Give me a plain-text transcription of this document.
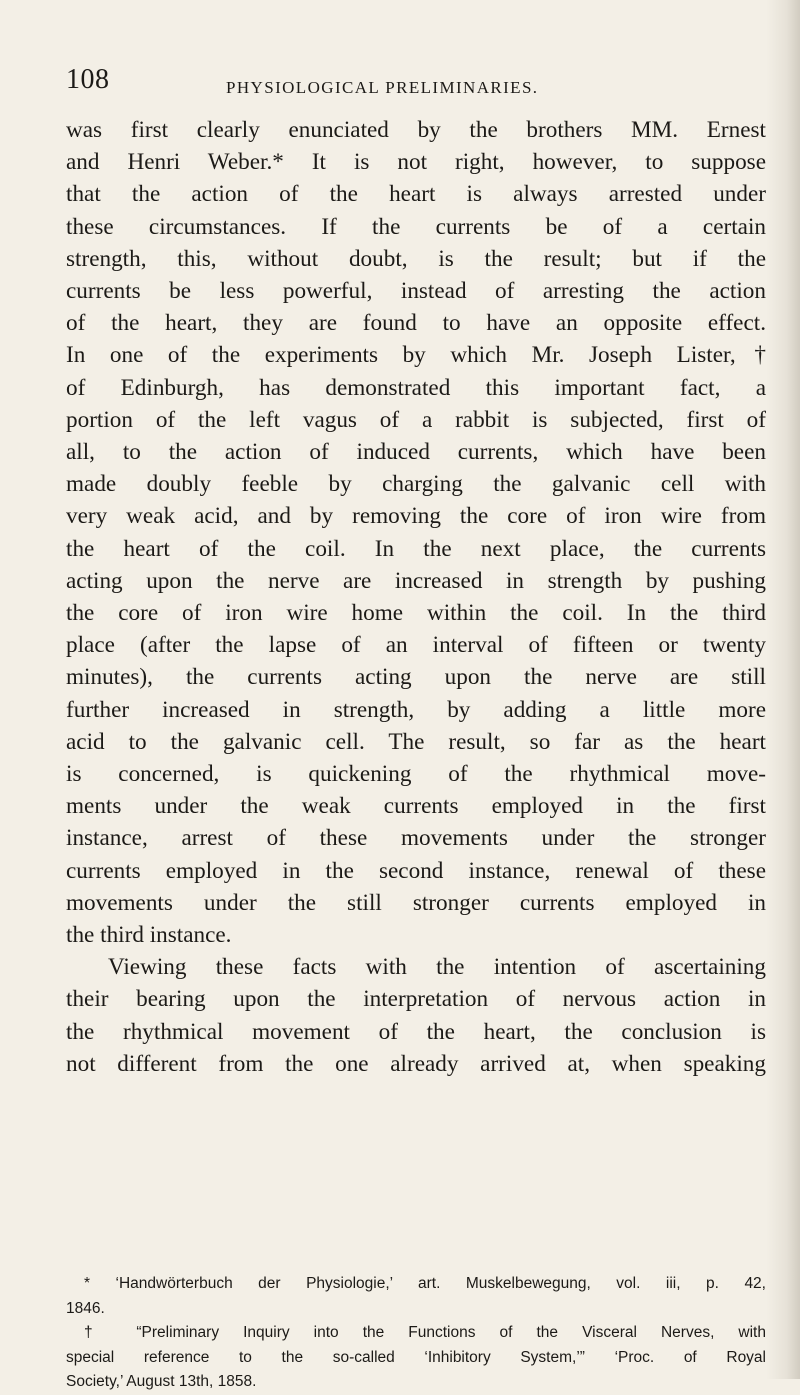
108	PHYSIOLOGICAL PRELIMINARIES.
was first clearly enunciated by the brothers MM. Ernest
and Henri Weber.* It is not right, however, to suppose
that the action of the heart is always arrested under
these circumstances. If the currents be of a certain
strength, this, without doubt, is the result; but if the
currents be less powerful, instead of arresting the action
of the heart, they are found to have an opposite effect.
In one of the experiments by which Mr. Joseph Lister,†
of Edinburgh, has demonstrated this important fact, a
portion of the left vagus of a rabbit is subjected, first of
all, to the action of induced currents, which have been
made doubly feeble by charging the galvanic cell with
very weak acid, and by removing the core of iron wire from
the heart of the coil. In the next place, the currents
acting upon the nerve are increased in strength by pushing
the core of iron wire home within the coil. In the third
place (after the lapse of an interval of fifteen or twenty
minutes), the currents acting upon the nerve are still
further increased in strength, by adding a little more
acid to the galvanic cell. The result, so far as the heart
is concerned, is quickening of the rhythmical move-
ments under the weak currents employed in the first
instance, arrest of these movements under the stronger
currents employed in the second instance, renewal of these
movements under the still stronger currents employed in
the third instance.
Viewing these facts with the intention of ascertaining
their bearing upon the interpretation of nervous action in
the rhythmical movement of the heart, the conclusion is
not different from the one already arrived at, when speaking
* ‘Handwörterbuch der Physiologie,’ art. Muskelbewegung, vol. iii, p. 42,
1846.
† “Preliminary Inquiry into the Functions of the Visceral Nerves, with
special reference to the so-called ‘Inhibitory System,’” ‘Proc. of Royal
Society,’ August 13th, 1858.
